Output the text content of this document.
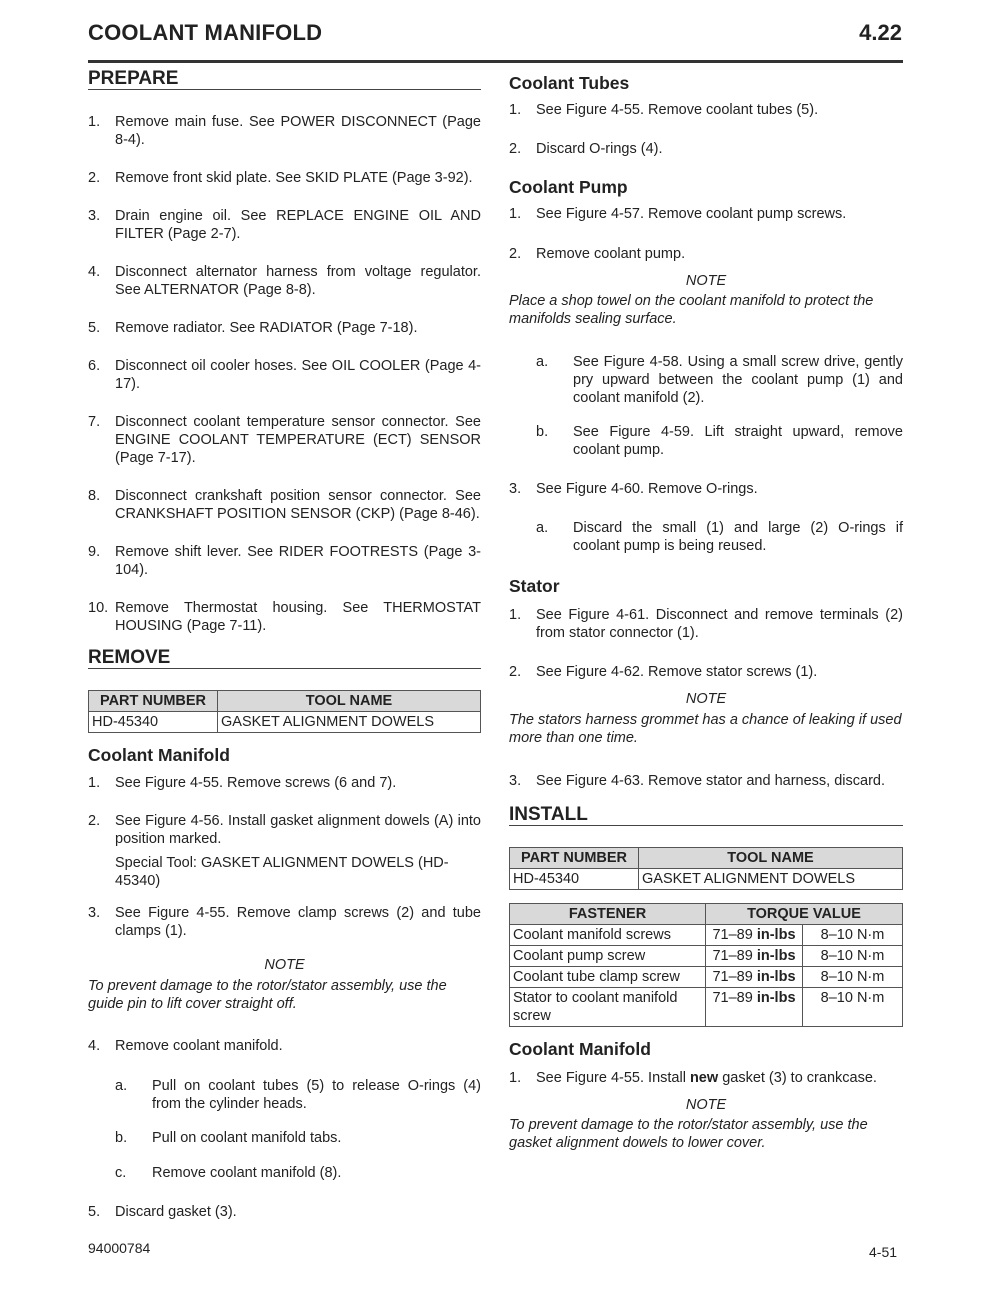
COOLANT MANIFOLD	4.22
PREPARE
1.	Remove main fuse. See POWER DISCONNECT (Page 8-4).
2.	Remove front skid plate. See SKID PLATE (Page 3-92).
3.	Drain engine oil. See REPLACE ENGINE OIL AND FILTER (Page 2-7).
4.	Disconnect alternator harness from voltage regulator. See ALTERNATOR (Page 8-8).
5.	Remove radiator. See RADIATOR (Page 7-18).
6.	Disconnect oil cooler hoses. See OIL COOLER (Page 4-17).
7.	Disconnect coolant temperature sensor connector. See ENGINE COOLANT TEMPERATURE (ECT) SENSOR (Page 7-17).
8.	Disconnect crankshaft position sensor connector. See CRANKSHAFT POSITION SENSOR (CKP) (Page 8-46).
9.	Remove shift lever. See RIDER FOOTRESTS (Page 3-104).
10. Remove Thermostat housing. See THERMOSTAT HOUSING (Page 7-11).
REMOVE
PART NUMBER	TOOL NAME
HD-45340	GASKET ALIGNMENT DOWELS
Coolant Manifold
1.	See Figure 4-55. Remove screws (6 and 7).
2.	See Figure 4-56. Install gasket alignment dowels (A) into position marked.
Special Tool: GASKET ALIGNMENT DOWELS (HD-45340)
3.	See Figure 4-55. Remove clamp screws (2) and tube clamps (1).
NOTE
To prevent damage to the rotor/stator assembly, use the guide pin to lift cover straight off.
4.	Remove coolant manifold.
a.	Pull on coolant tubes (5) to release O-rings (4) from the cylinder heads.
b.	Pull on coolant manifold tabs.
c.	Remove coolant manifold (8).
5.	Discard gasket (3).
Coolant Tubes
1.	See Figure 4-55. Remove coolant tubes (5).
2.	Discard O-rings (4).
Coolant Pump
1.	See Figure 4-57. Remove coolant pump screws.
2.	Remove coolant pump.
NOTE
Place a shop towel on the coolant manifold to protect the manifolds sealing surface.
a.	See Figure 4-58. Using a small screw drive, gently pry upward between the coolant pump (1) and coolant manifold (2).
b.	See Figure 4-59. Lift straight upward, remove coolant pump.
3.	See Figure 4-60. Remove O-rings.
a.	Discard the small (1) and large (2) O-rings if coolant pump is being reused.
Stator
1.	See Figure 4-61. Disconnect and remove terminals (2) from stator connector (1).
2.	See Figure 4-62. Remove stator screws (1).
NOTE
The stators harness grommet has a chance of leaking if used more than one time.
3.	See Figure 4-63. Remove stator and harness, discard.
INSTALL
PART NUMBER	TOOL NAME
HD-45340	GASKET ALIGNMENT DOWELS
FASTENER	TORQUE VALUE	
Coolant manifold screws	71–89 in-lbs	8–10 N·m
Coolant pump screw	71–89 in-lbs	8–10 N·m
Coolant tube clamp screw	71–89 in-lbs	8–10 N·m
Stator to coolant manifold screw	71–89 in-lbs	8–10 N·m
Coolant Manifold
1.	See Figure 4-55. Install new gasket (3) to crankcase.
NOTE
To prevent damage to the rotor/stator assembly, use the gasket alignment dowels to lower cover.
94000784	4-51
